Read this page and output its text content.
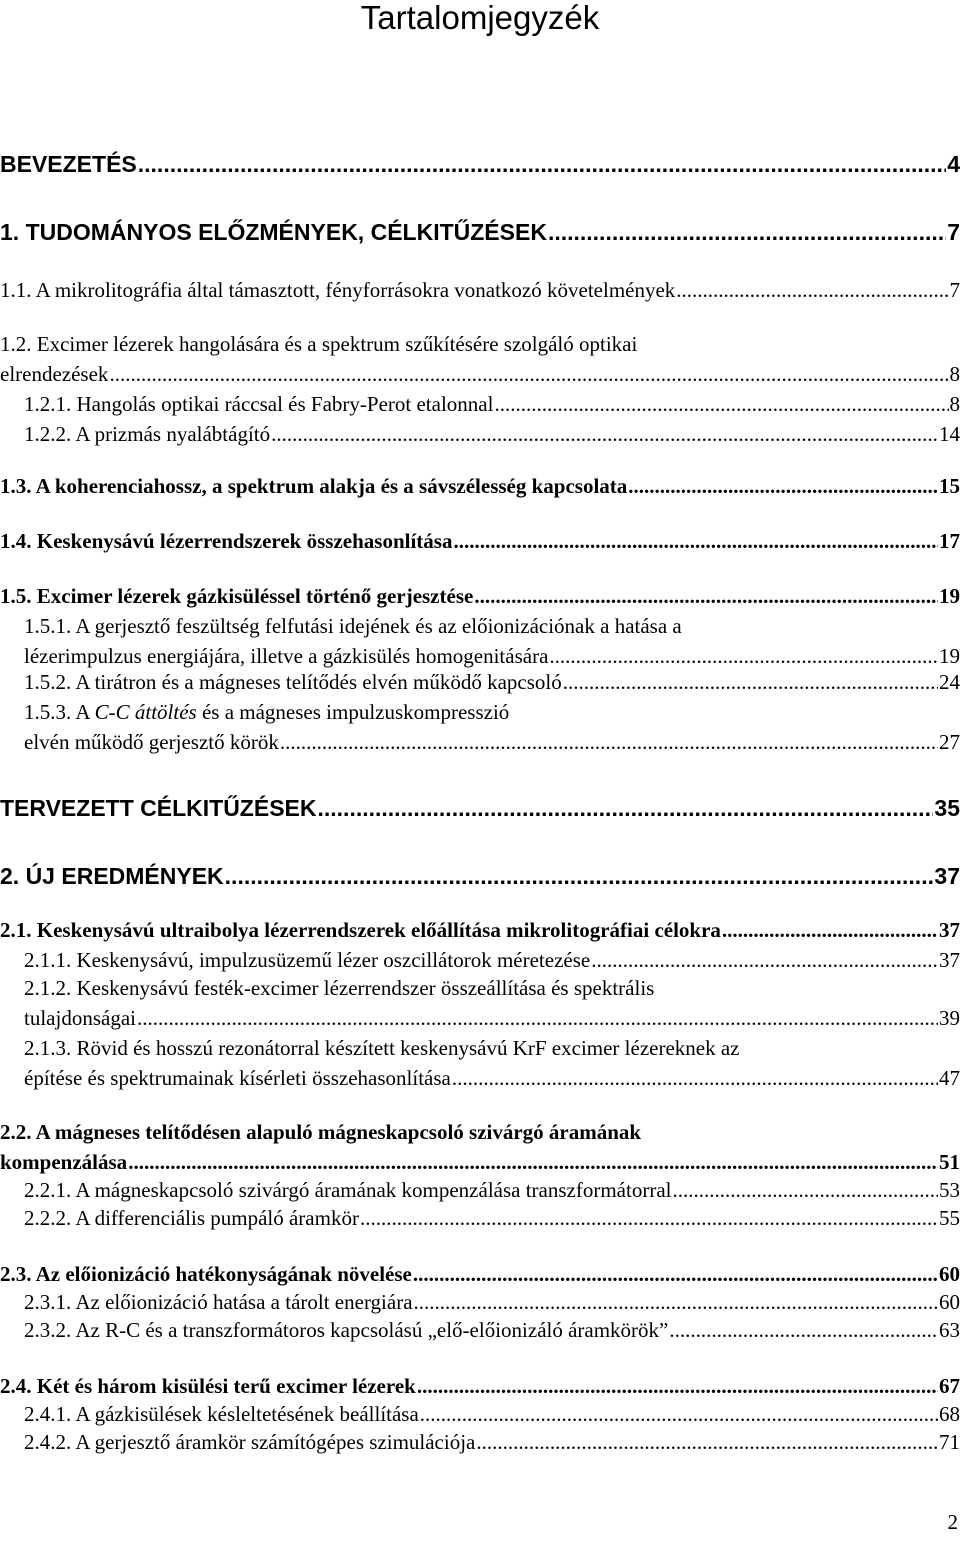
Tartalomjegyzék
BEVEZETÉS .....	4
1. TUDOMÁNYOS ELŐZMÉNYEK, CÉLKITŰZÉSEK .....	7
1.1. A mikrolitográfia által támasztott, fényforrásokra vonatkozó követelmények .....	7
1.2. Excimer lézerek hangolására és a spektrum szűkítésére szolgáló optikai
elrendezések .....	8
1.2.1. Hangolás optikai ráccsal és Fabry-Perot etalonnal .....	8
1.2.2. A prizmás nyalábtágító .....	14
1.3. A koherenciahossz, a spektrum alakja és a sávszélesség kapcsolata .....	15
1.4. Keskenysávú lézerrendszerek összehasonlítása .....	17
1.5. Excimer lézerek gázkisüléssel történő gerjesztése .....	19
1.5.1. A gerjesztő feszültség felfutási idejének és az előionizációnak a hatása a
lézerimpulzus energiájára, illetve a gázkisülés homogenitására .....	19
1.5.2. A tirátron és a mágneses telítődés elvén működő kapcsoló .....	24
1.5.3. A C-C áttöltés és a mágneses impulzuskompresszió
elvén működő gerjesztő körök .....	27
TERVEZETT CÉLKITŰZÉSEK .....	35
2. ÚJ EREDMÉNYEK .....	37
2.1. Keskenysávú ultraibolya lézerrendszerek előállítása mikrolitográfiai célokra .....	37
2.1.1. Keskenysávú, impulzusüzemű lézer oszcillátorok méretezése .....	37
2.1.2. Keskenysávú festék-excimer lézerrendszer összeállítása és spektrális
tulajdonságai .....	39
2.1.3. Rövid és hosszú rezonátorral készített keskenysávú KrF excimer lézereknek az
építése és spektrumainak kísérleti összehasonlítása .....	47
2.2. A mágneses telítődésen alapuló mágneskapcsoló szivárgó áramának
kompenzálása .....	51
2.2.1. A mágneskapcsoló szivárgó áramának kompenzálása transzformátorral .....	53
2.2.2. A differenciális pumpáló áramkör .....	55
2.3. Az előionizáció hatékonyságának növelése .....	60
2.3.1. Az előionizáció hatása a tárolt energiára .....	60
2.3.2. Az R-C és a transzformátoros kapcsolású „elő-előionizáló áramkörök” .....	63
2.4. Két és három kisülési terű excimer lézerek .....	67
2.4.1. A gázkisülések késleltetésének beállítása .....	68
2.4.2. A gerjesztő áramkör számítógépes szimulációja .....	71
2
